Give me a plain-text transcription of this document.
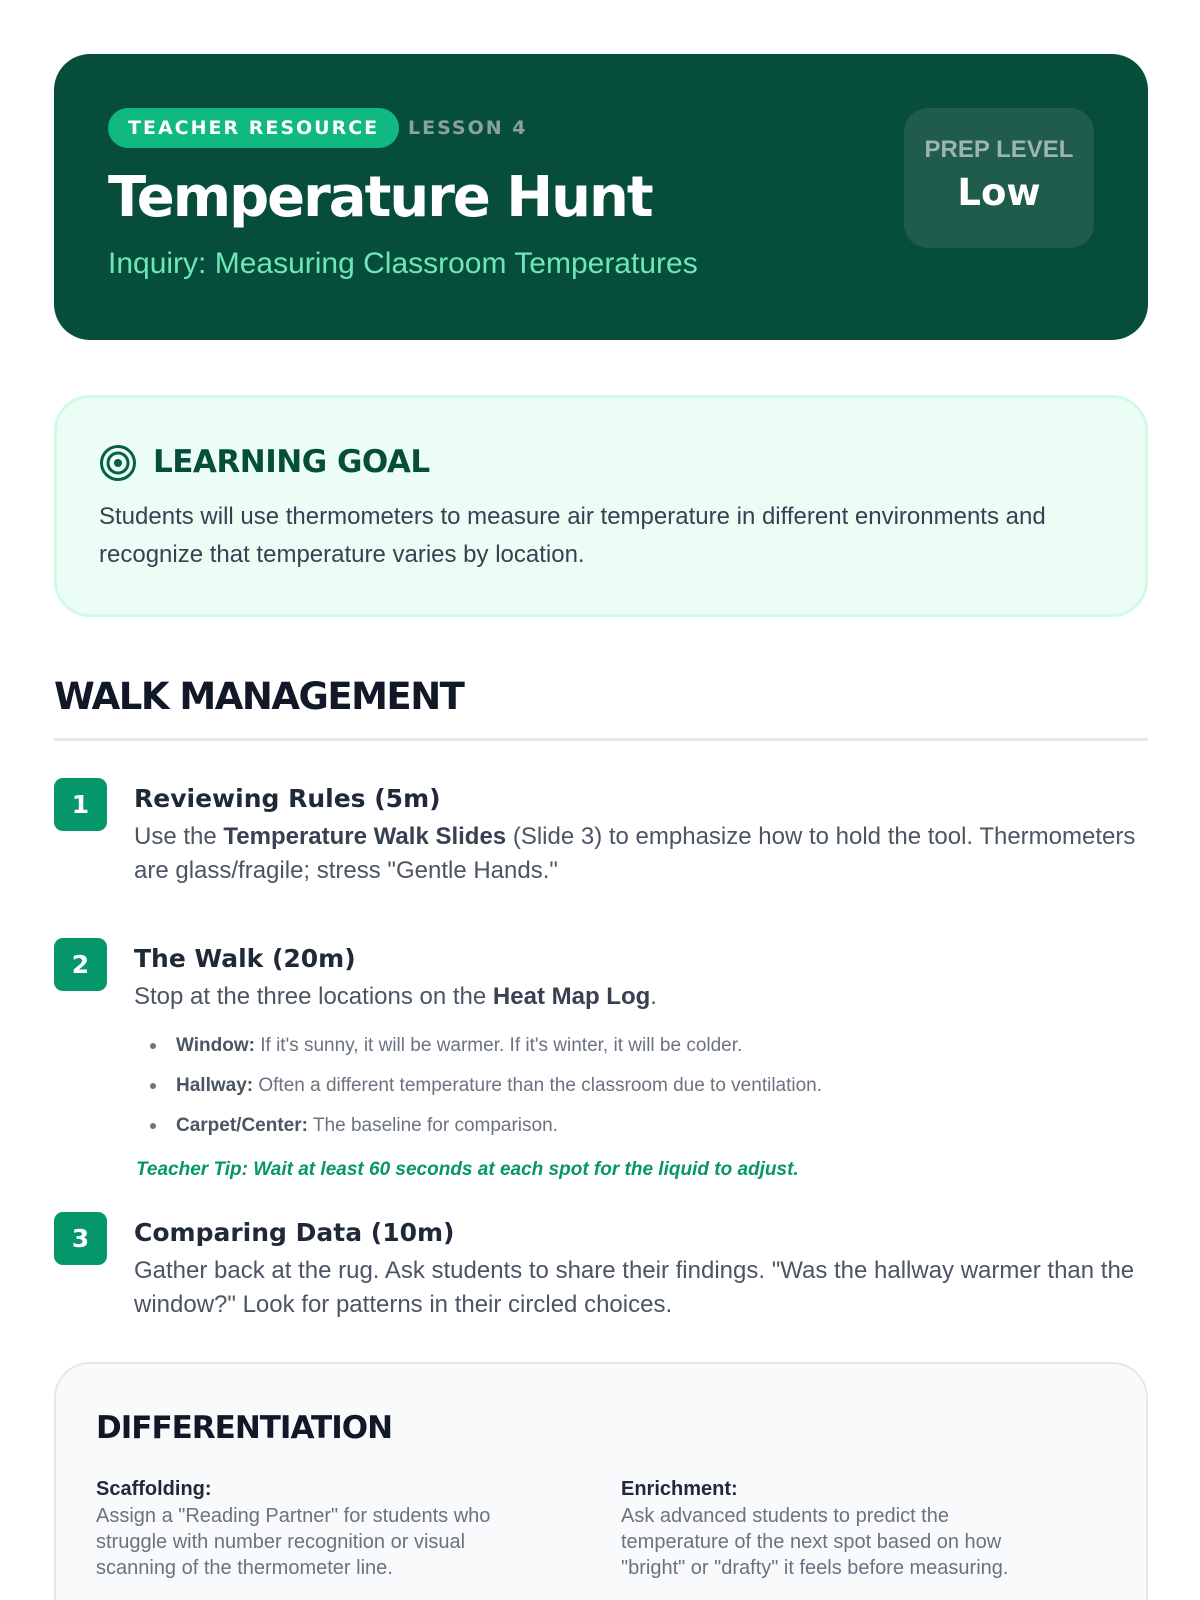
TEACHER RESOURCE	LESSON 4
Temperature Hunt
Inquiry: Measuring Classroom Temperatures
PREP LEVEL
Low
LEARNING GOAL

Students will use thermometers to measure air temperature in different environments and recognize that temperature varies by location.

WALK MANAGEMENT
1	Reviewing Rules (5m)

Use the Temperature Walk Slides (Slide 3) to emphasize how to hold the tool. Thermometers are glass/fragile; stress "Gentle Hands."

2	The Walk (20m)

Stop at the three locations on the Heat Map Log.

Window: If it's sunny, it will be warmer. If it's winter, it will be colder.
Hallway: Often a different temperature than the classroom due to ventilation.
Carpet/Center: The baseline for comparison.

Teacher Tip: Wait at least 60 seconds at each spot for the liquid to adjust.

3	Comparing Data (10m)

Gather back at the rug. Ask students to share their findings. "Was the hallway warmer than the window?" Look for patterns in their circled choices.

DIFFERENTIATION
Scaffolding:
Assign a "Reading Partner" for students who struggle with number recognition or visual scanning of the thermometer line.
Enrichment:
Ask advanced students to predict the temperature of the next spot based on how "bright" or "drafty" it feels before measuring.
